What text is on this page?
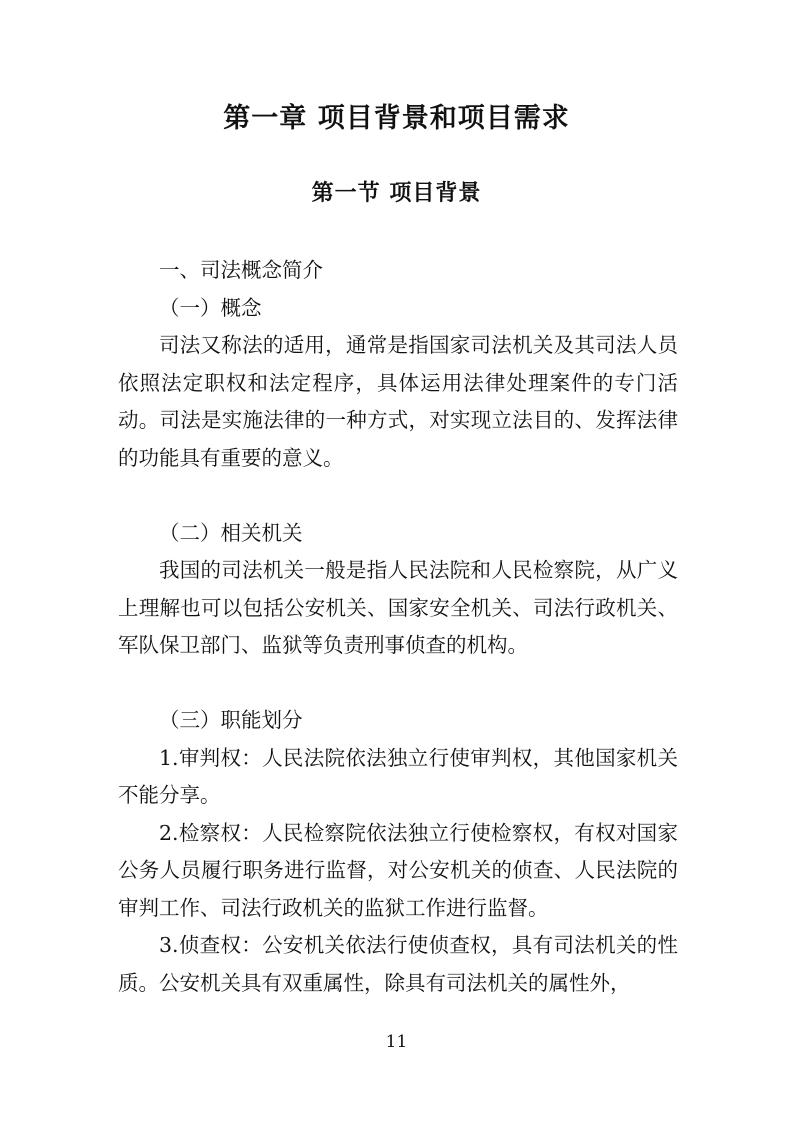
第一章 项目背景和项目需求
第一节 项目背景

一、司法概念简介

（一）概念

司法又称法的适用，通常是指国家司法机关及其司法人员依照法定职权和法定程序，具体运用法律处理案件的专门活动。司法是实施法律的一种方式，对实现立法目的、发挥法律的功能具有重要的意义。

（二）相关机关

我国的司法机关一般是指人民法院和人民检察院，从广义上理解也可以包括公安机关、国家安全机关、司法行政机关、军队保卫部门、监狱等负责刑事侦查的机构。

（三）职能划分

1.审判权：人民法院依法独立行使审判权，其他国家机关不能分享。

2.检察权：人民检察院依法独立行使检察权，有权对国家公务人员履行职务进行监督，对公安机关的侦查、人民法院的审判工作、司法行政机关的监狱工作进行监督。

3.侦查权：公安机关依法行使侦查权，具有司法机关的性质。公安机关具有双重属性，除具有司法机关的属性外，

11
